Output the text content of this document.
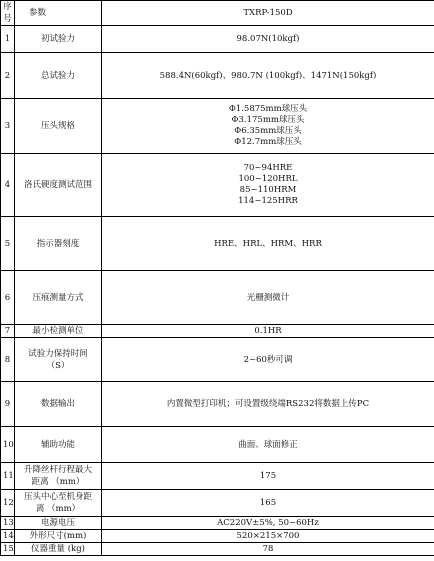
序
号	参数	TXRP-150D
1	初试验力	98.07N(10kgf)
2	总试验力	588.4N(60kgf)、980.7N (100kgf)、1471N(150kgf)
3	压头规格	Φ1.5875mm球压头
Φ3.175mm球压头
Φ6.35mm球压头
Φ12.7mm球压头
4	洛氏硬度测试范围	70~94HRE
100~120HRL
85~110HRM
114~125HRR
5	指示器刻度	HRE、HRL、HRM、HRR
6	压痕测量方式	光栅测微计
7	最小检测单位	0.1HR
8	试验力保持时间
（S）	2~60秒可调
9	数据输出	内置微型打印机；可设置级绕端RS232将数据上传PC
10	辅助功能	曲面、球面修正
11	升降丝杆行程最大
距离 （mm）	175
12	压头中心至机身距
离 （mm）	165
13	电源电压	AC220V±5%, 50~60Hz
14	外形尺寸(mm)	520×215×700
15	仪器重量 (kg)	78
